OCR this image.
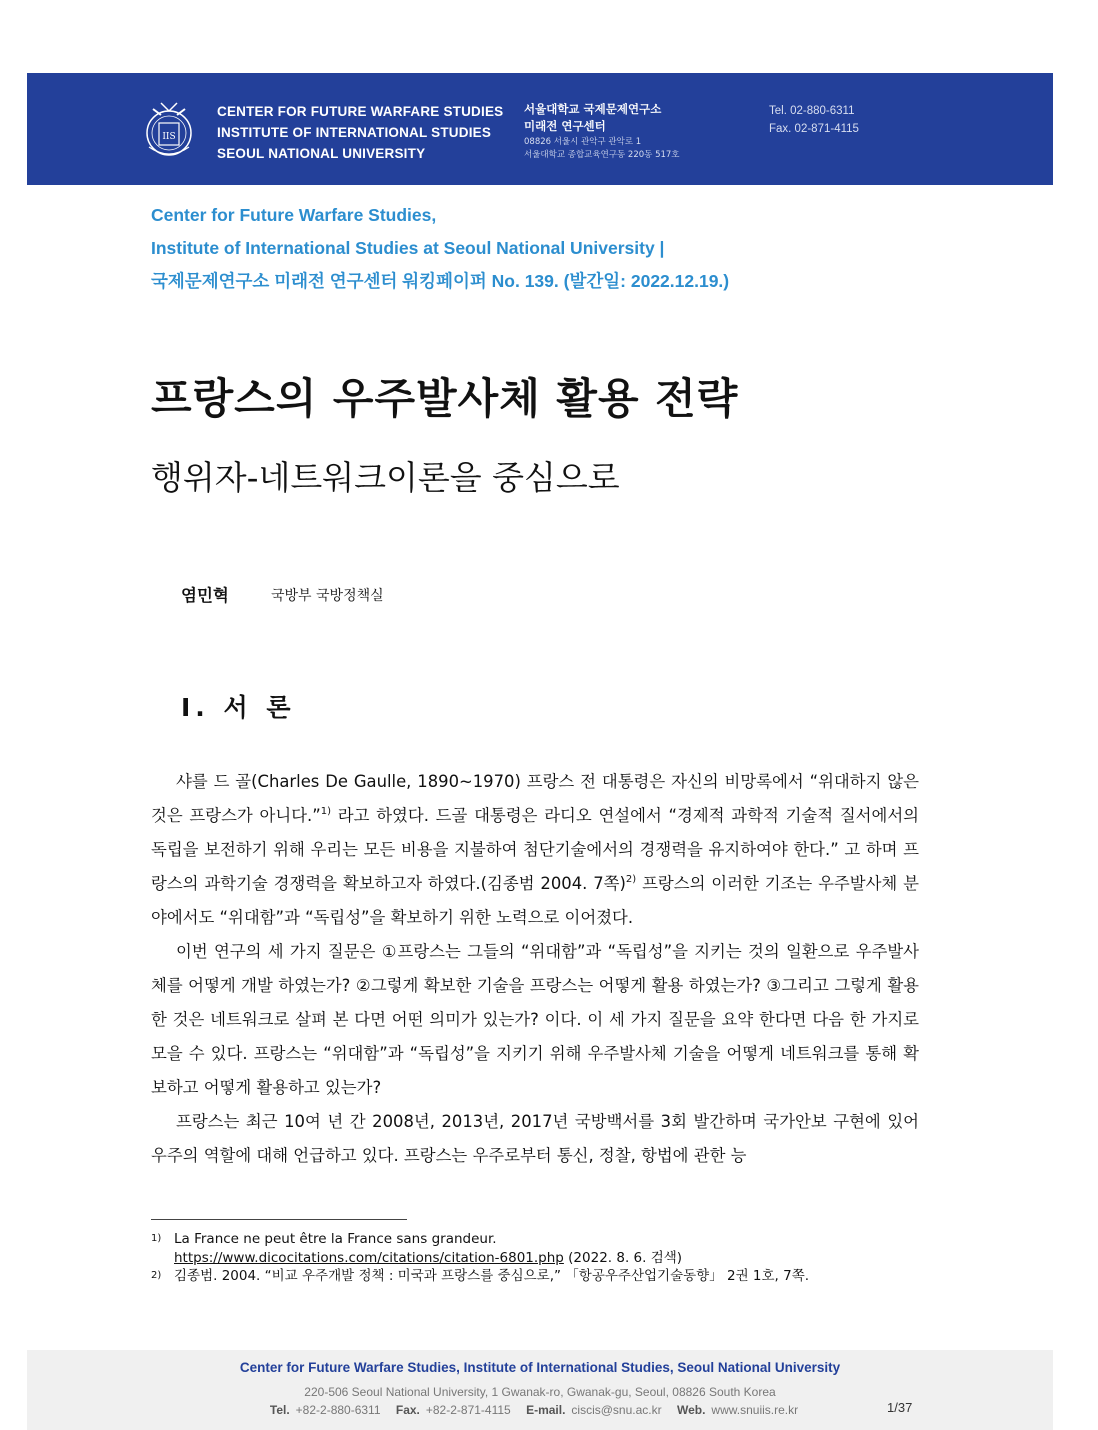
IIS
CENTER FOR FUTURE WARFARE STUDIES
INSTITUTE OF INTERNATIONAL STUDIES
SEOUL NATIONAL UNIVERSITY
서울대학교 국제문제연구소
미래전 연구센터
08826 서울시 관악구 관악로 1
서울대학교 종합교육연구동 220동 517호
Tel. 02-880-6311
Fax. 02-871-4115
Center for Future Warfare Studies,
Institute of International Studies at Seoul National University |
국제문제연구소 미래전 연구센터 워킹페이퍼 No. 139. (발간일: 2022.12.19.)
프랑스의 우주발사체 활용 전략
행위자-네트워크이론을 중심으로
염민혁	국방부 국방정책실
Ⅰ. 서 론

샤를 드 골(Charles De Gaulle, 1890~1970) 프랑스 전 대통령은 자신의 비망록에서 “위대하지 않은 것은 프랑스가 아니다.”$^{1)}$ 라고 하였다. 드골 대통령은 라디오 연설에서 “경제적 과학적 기술적 질서에서의 독립을 보전하기 위해 우리는 모든 비용을 지불하여 첨단기술에서의 경쟁력을 유지하여야 한다.” 고 하며 프랑스의 과학기술 경쟁력을 확보하고자 하였다.(김종범 2004. 7쪽)$^{2)}$ 프랑스의 이러한 기조는 우주발사체 분야에서도 “위대함”과 “독립성”을 확보하기 위한 노력으로 이어졌다.

이번 연구의 세 가지 질문은 ①프랑스는 그들의 “위대함”과 “독립성”을 지키는 것의 일환으로 우주발사체를 어떻게 개발 하였는가? ②그렇게 확보한 기술을 프랑스는 어떻게 활용 하였는가? ③그리고 그렇게 활용한 것은 네트워크로 살펴 본 다면 어떤 의미가 있는가? 이다. 이 세 가지 질문을 요약 한다면 다음 한 가지로 모을 수 있다. 프랑스는 “위대함”과 “독립성”을 지키기 위해 우주발사체 기술을 어떻게 네트워크를 통해 확보하고 어떻게 활용하고 있는가?

프랑스는 최근 10여 년 간 2008년, 2013년, 2017년 국방백서를 3회 발간하며 국가안보 구현에 있어 우주의 역할에 대해 언급하고 있다. 프랑스는 우주로부터 통신, 정찰, 항법에 관한 능

1) La France ne peut être la France sans grandeur.
https://www.dicocitations.com/citations/citation-6801.php (2022. 8. 6. 검색)
2) 김종범. 2004. “비교 우주개발 정책 : 미국과 프랑스를 중심으로,” 「항공우주산업기술동향」 2권 1호, 7쪽.
Center for Future Warfare Studies, Institute of International Studies, Seoul National University
220-506 Seoul National University, 1 Gwanak-ro, Gwanak-gu, Seoul, 08826 South Korea
Tel. +82-2-880-6311 Fax. +82-2-871-4115 E-mail. ciscis@snu.ac.kr Web. www.snuiis.re.kr	1/37
